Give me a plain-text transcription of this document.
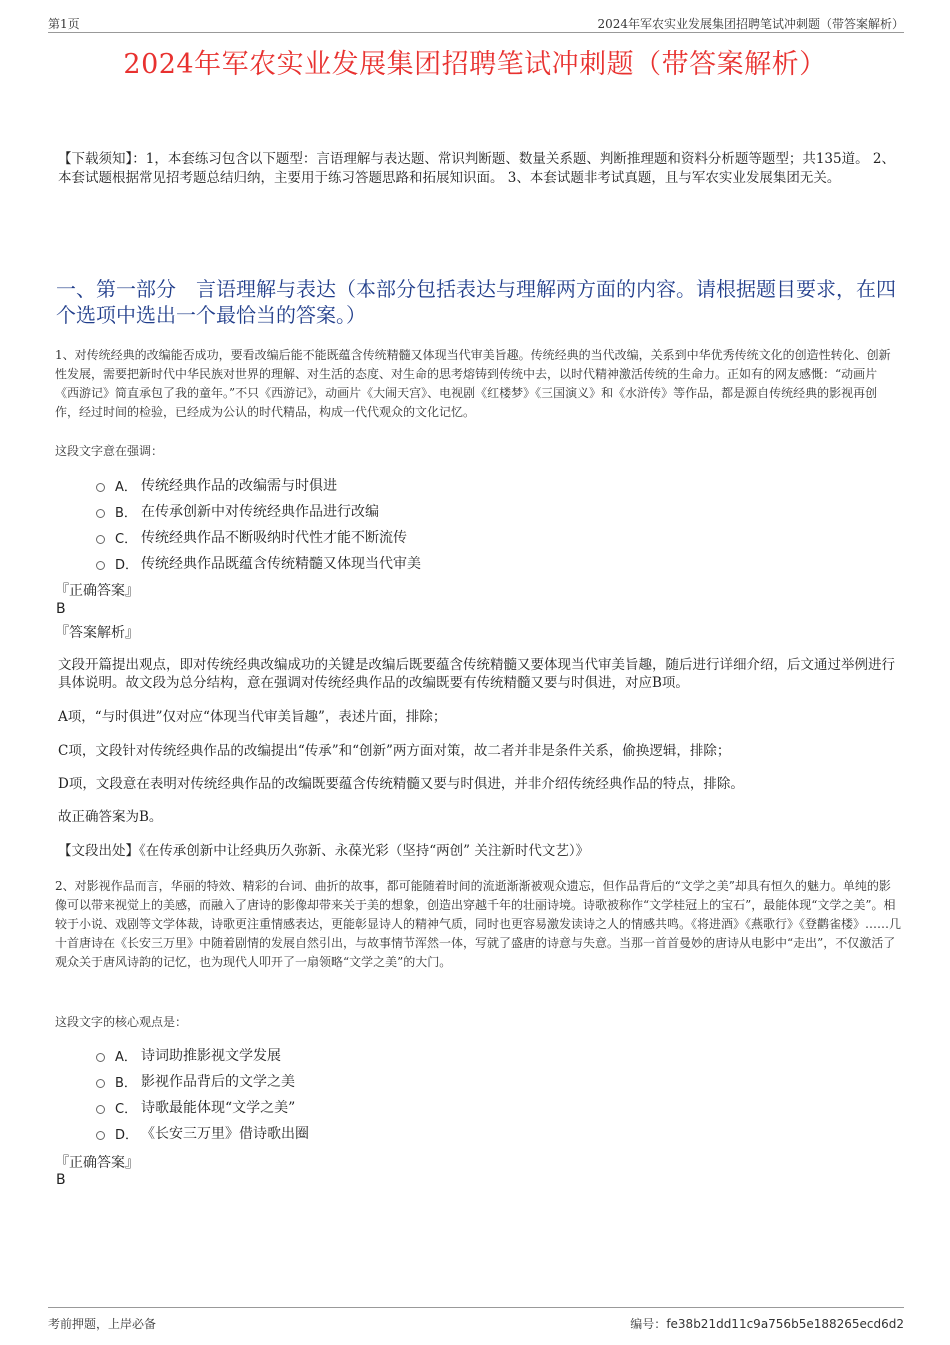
第1页	2024年军农实业发展集团招聘笔试冲刺题（带答案解析）
2024年军农实业发展集团招聘笔试冲刺题（带答案解析）

【下载须知】：1，本套练习包含以下题型：言语理解与表达题、常识判断题、数量关系题、判断推理题和资料分析题等题型；共135道。 2、本套试题根据常见招考题总结归纳，主要用于练习答题思路和拓展知识面。 3、本套试题非考试真题，且与军农实业发展集团无关。

一、第一部分　言语理解与表达（本部分包括表达与理解两方面的内容。请根据题目要求，在四个选项中选出一个最恰当的答案。）

1、对传统经典的改编能否成功，要看改编后能不能既蕴含传统精髓又体现当代审美旨趣。传统经典的当代改编，关系到中华优秀传统文化的创造性转化、创新性发展，需要把新时代中华民族对世界的理解、对生活的态度、对生命的思考熔铸到传统中去，以时代精神激活传统的生命力。正如有的网友感慨：“动画片《西游记》简直承包了我的童年。”不只《西游记》，动画片《大闹天宫》、电视剧《红楼梦》《三国演义》和《水浒传》等作品，都是源自传统经典的影视再创作，经过时间的检验，已经成为公认的时代精品，构成一代代观众的文化记忆。

这段文字意在强调：

A． 传统经典作品的改编需与时俱进
B． 在传承创新中对传统经典作品进行改编
C． 传统经典作品不断吸纳时代性才能不断流传
D． 传统经典作品既蕴含传统精髓又体现当代审美

『正确答案』

B

『答案解析』

文段开篇提出观点，即对传统经典改编成功的关键是改编后既要蕴含传统精髓又要体现当代审美旨趣，随后进行详细介绍，后文通过举例进行具体说明。故文段为总分结构，意在强调对传统经典作品的改编既要有传统精髓又要与时俱进，对应B项。

A项，“与时俱进”仅对应“体现当代审美旨趣”，表述片面，排除；

C项，文段针对传统经典作品的改编提出“传承”和“创新”两方面对策，故二者并非是条件关系，偷换逻辑，排除；

D项，文段意在表明对传统经典作品的改编既要蕴含传统精髓又要与时俱进，并非介绍传统经典作品的特点，排除。

故正确答案为B。

【文段出处】《在传承创新中让经典历久弥新、永葆光彩（坚持“两创” 关注新时代文艺）》

2、对影视作品而言，华丽的特效、精彩的台词、曲折的故事，都可能随着时间的流逝渐渐被观众遗忘，但作品背后的“文学之美”却具有恒久的魅力。单纯的影像可以带来视觉上的美感，而融入了唐诗的影像却带来关于美的想象，创造出穿越千年的壮丽诗境。诗歌被称作“文学桂冠上的宝石”，最能体现“文学之美”。相较于小说、戏剧等文学体裁，诗歌更注重情感表达，更能彰显诗人的精神气质，同时也更容易激发读诗之人的情感共鸣。《将进酒》《燕歌行》《登鹳雀楼》……几十首唐诗在《长安三万里》中随着剧情的发展自然引出，与故事情节浑然一体，写就了盛唐的诗意与失意。当那一首首曼妙的唐诗从电影中“走出”，不仅激活了观众关于唐风诗韵的记忆，也为现代人叩开了一扇领略“文学之美”的大门。

这段文字的核心观点是：

A． 诗词助推影视文学发展
B． 影视作品背后的文学之美
C． 诗歌最能体现“文学之美”
D． 《长安三万里》借诗歌出圈

『正确答案』

B

考前押题，上岸必备	编号：fe38b21dd11c9a756b5e188265ecd6d2
